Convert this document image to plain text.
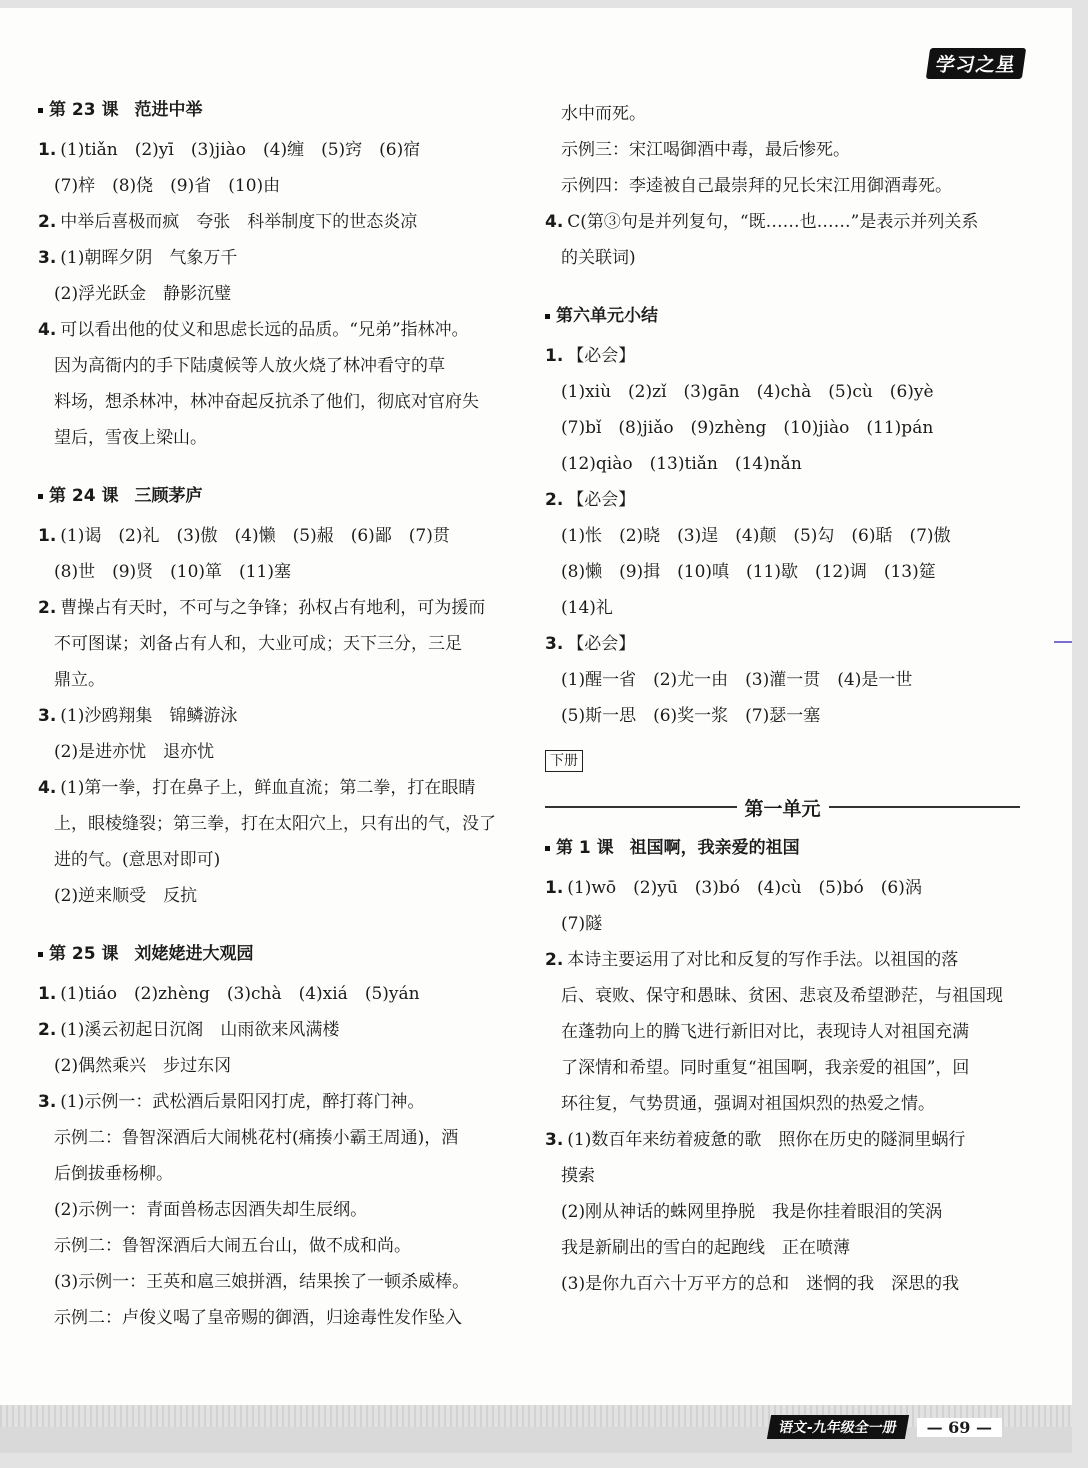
学习之星
第 23 课 范进中举
1. (1)tiǎn　(2)yī　(3)jiào　(4)缠　(5)窍　(6)宿
(7)梓　(8)侥　(9)省　(10)由
2. 中举后喜极而疯　夸张　科举制度下的世态炎凉
3. (1)朝晖夕阴　气象万千
(2)浮光跃金　静影沉璧
4. 可以看出他的仗义和思虑长远的品质。“兄弟”指林冲。
因为高衙内的手下陆虞候等人放火烧了林冲看守的草
料场，想杀林冲，林冲奋起反抗杀了他们，彻底对官府失
望后，雪夜上梁山。
第 24 课 三顾茅庐
1. (1)谒　(2)礼　(3)傲　(4)懒　(5)赧　(6)鄙　(7)贯
(8)世　(9)贤　(10)箪　(11)塞
2. 曹操占有天时，不可与之争锋；孙权占有地利，可为援而
不可图谋；刘备占有人和，大业可成；天下三分，三足
鼎立。
3. (1)沙鸥翔集　锦鳞游泳
(2)是进亦忧　退亦忧
4. (1)第一拳，打在鼻子上，鲜血直流；第二拳，打在眼睛
上，眼棱缝裂；第三拳，打在太阳穴上，只有出的气，没了
进的气。(意思对即可)
(2)逆来顺受　反抗
第 25 课 刘姥姥进大观园
1. (1)tiáo　(2)zhèng　(3)chà　(4)xiá　(5)yán
2. (1)溪云初起日沉阁　山雨欲来风满楼
(2)偶然乘兴　步过东冈
3. (1)示例一：武松酒后景阳冈打虎，醉打蒋门神。
示例二：鲁智深酒后大闹桃花村(痛揍小霸王周通)，酒
后倒拔垂杨柳。
(2)示例一：青面兽杨志因酒失却生辰纲。
示例二：鲁智深酒后大闹五台山，做不成和尚。
(3)示例一：王英和扈三娘拼酒，结果挨了一顿杀威棒。
示例二：卢俊义喝了皇帝赐的御酒，归途毒性发作坠入
水中而死。
示例三：宋江喝御酒中毒，最后惨死。
示例四：李逵被自己最崇拜的兄长宋江用御酒毒死。
4. C(第③句是并列复句，“既……也……”是表示并列关系
的关联词)
第六单元小结
1. 【必会】
(1)xiù　(2)zǐ　(3)gān　(4)chà　(5)cù　(6)yè
(7)bǐ　(8)jiǎo　(9)zhèng　(10)jiào　(11)pán
(12)qiào　(13)tiǎn　(14)nǎn
2. 【必会】
(1)怅　(2)晓　(3)逞　(4)颠　(5)勾　(6)聒　(7)傲
(8)懒　(9)揖　(10)嗔　(11)歇　(12)调　(13)筵
(14)礼
3. 【必会】
(1)醒一省　(2)尤一由　(3)灌一贯　(4)是一世
(5)斯一思　(6)奖一浆　(7)瑟一塞
下册
第一单元
第 1 课 祖国啊，我亲爱的祖国
1. (1)wō　(2)yū　(3)bó　(4)cù　(5)bó　(6)涡
(7)隧
2. 本诗主要运用了对比和反复的写作手法。以祖国的落
后、衰败、保守和愚昧、贫困、悲哀及希望渺茫，与祖国现
在蓬勃向上的腾飞进行新旧对比，表现诗人对祖国充满
了深情和希望。同时重复“祖国啊，我亲爱的祖国”，回
环往复，气势贯通，强调对祖国炽烈的热爱之情。
3. (1)数百年来纺着疲惫的歌　照你在历史的隧洞里蜗行
摸索
(2)刚从神话的蛛网里挣脱　我是你挂着眼泪的笑涡
我是新刷出的雪白的起跑线　正在喷薄
(3)是你九百六十万平方的总和　迷惘的我　深思的我
语文-九年级全一册	— 69 —
